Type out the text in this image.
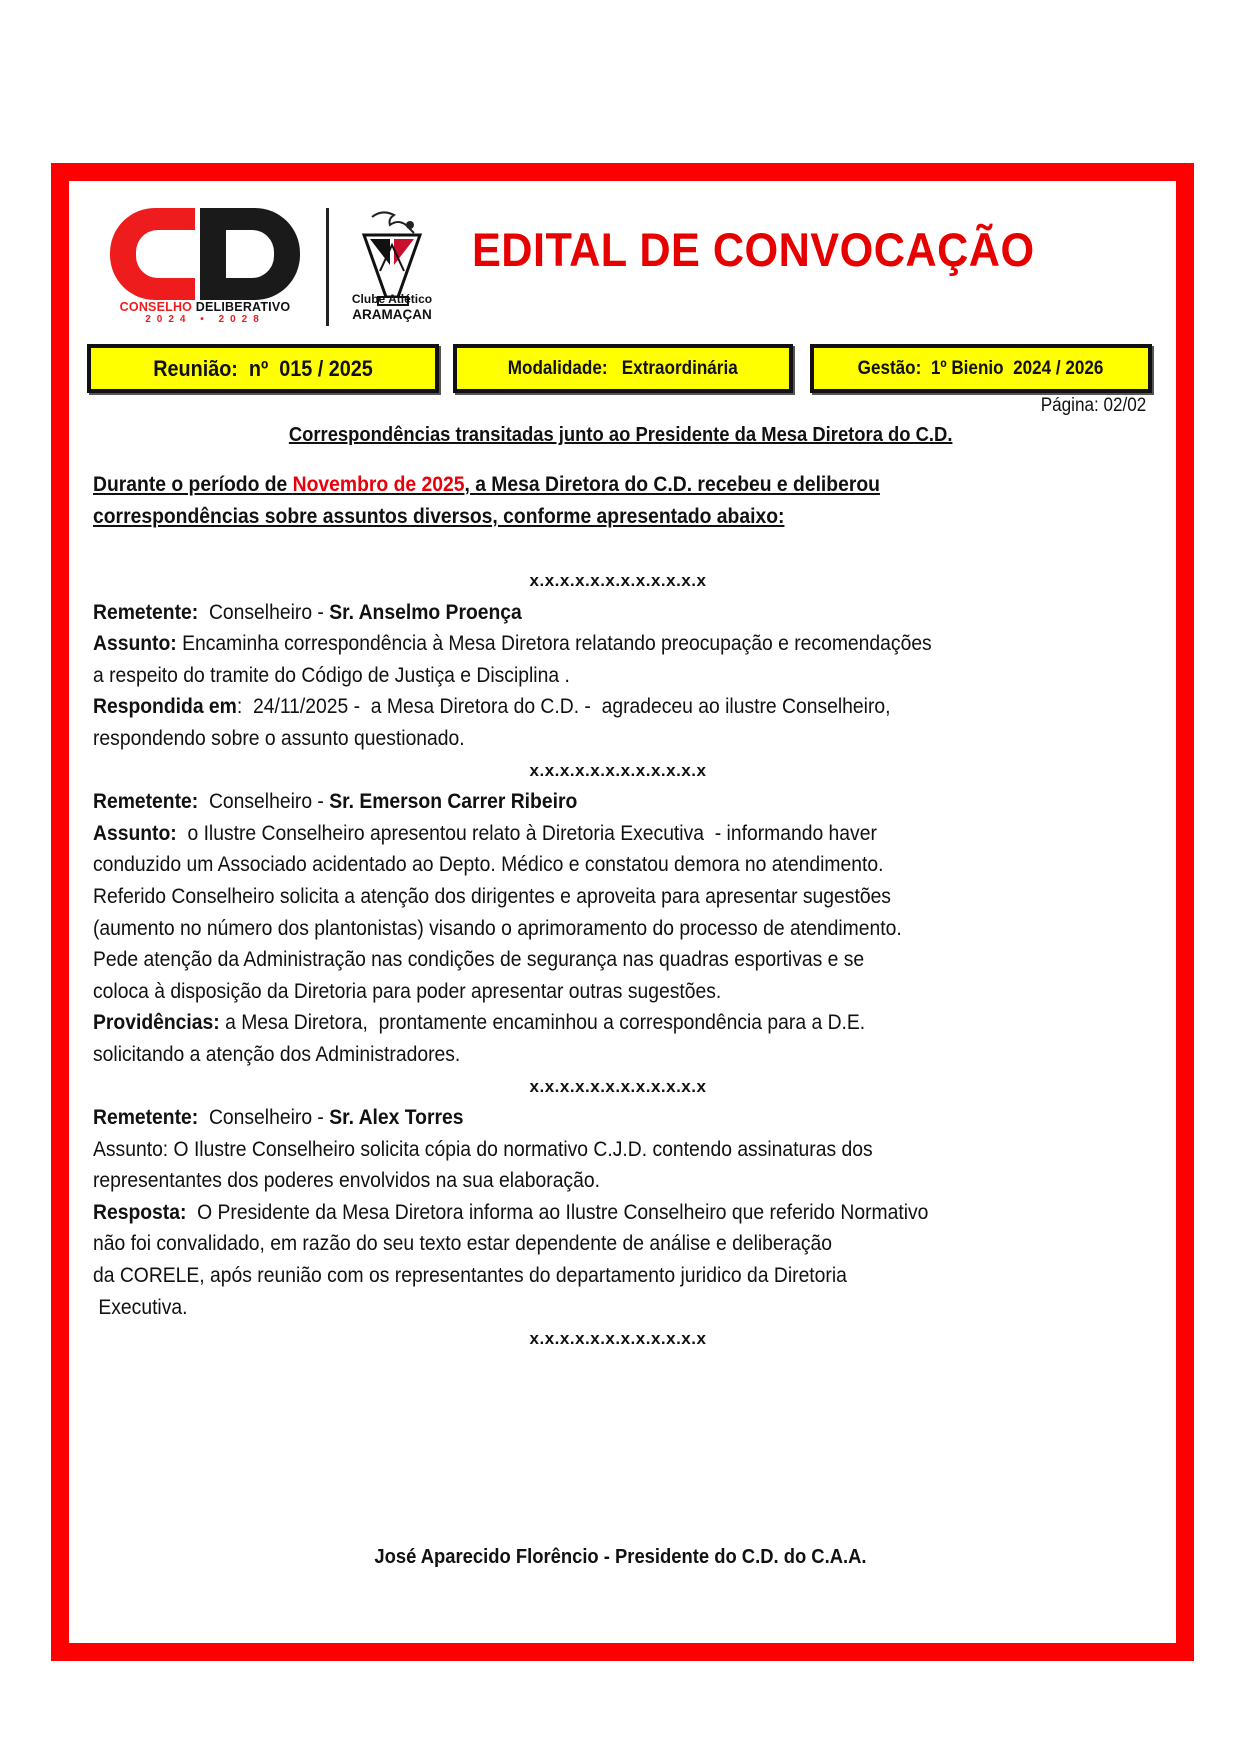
CONSELHO DELIBERATIVO
2024 • 2028
Clube Atlético
ARAMAÇAN
EDITAL DE CONVOCAÇÃO
Reunião:  nº  015 / 2025	Modalidade:   Extraordinária	Gestão:  1º Bienio  2024 / 2026
Página: 02/02
Correspondências transitadas junto ao Presidente da Mesa Diretora do C.D.
Durante o período de Novembro de 2025, a Mesa Diretora do C.D. recebeu e deliberou
correspondências sobre assuntos diversos, conforme apresentado abaixo:
x.x.x.x.x.x.x.x.x.x.x.x
Remetente:  Conselheiro - Sr. Anselmo Proença
Assunto: Encaminha correspondência à Mesa Diretora relatando preocupação e recomendações
a respeito do tramite do Código de Justiça e Disciplina .
Respondida em:  24/11/2025 -  a Mesa Diretora do C.D. -  agradeceu ao ilustre Conselheiro,
respondendo sobre o assunto questionado.
x.x.x.x.x.x.x.x.x.x.x.x
Remetente:  Conselheiro - Sr. Emerson Carrer Ribeiro
Assunto:  o Ilustre Conselheiro apresentou relato à Diretoria Executiva  - informando haver
conduzido um Associado acidentado ao Depto. Médico e constatou demora no atendimento.
Referido Conselheiro solicita a atenção dos dirigentes e aproveita para apresentar sugestões
(aumento no número dos plantonistas) visando o aprimoramento do processo de atendimento.
Pede atenção da Administração nas condições de segurança nas quadras esportivas e se
coloca à disposição da Diretoria para poder apresentar outras sugestões.
Providências: a Mesa Diretora,  prontamente encaminhou a correspondência para a D.E.
solicitando a atenção dos Administradores.
x.x.x.x.x.x.x.x.x.x.x.x
Remetente:  Conselheiro - Sr. Alex Torres
Assunto: O Ilustre Conselheiro solicita cópia do normativo C.J.D. contendo assinaturas dos
representantes dos poderes envolvidos na sua elaboração.
Resposta:  O Presidente da Mesa Diretora informa ao Ilustre Conselheiro que referido Normativo
não foi convalidado, em razão do seu texto estar dependente de análise e deliberação
da CORELE, após reunião com os representantes do departamento juridico da Diretoria
Executiva.
x.x.x.x.x.x.x.x.x.x.x.x
José Aparecido Florêncio - Presidente do C.D. do C.A.A.
